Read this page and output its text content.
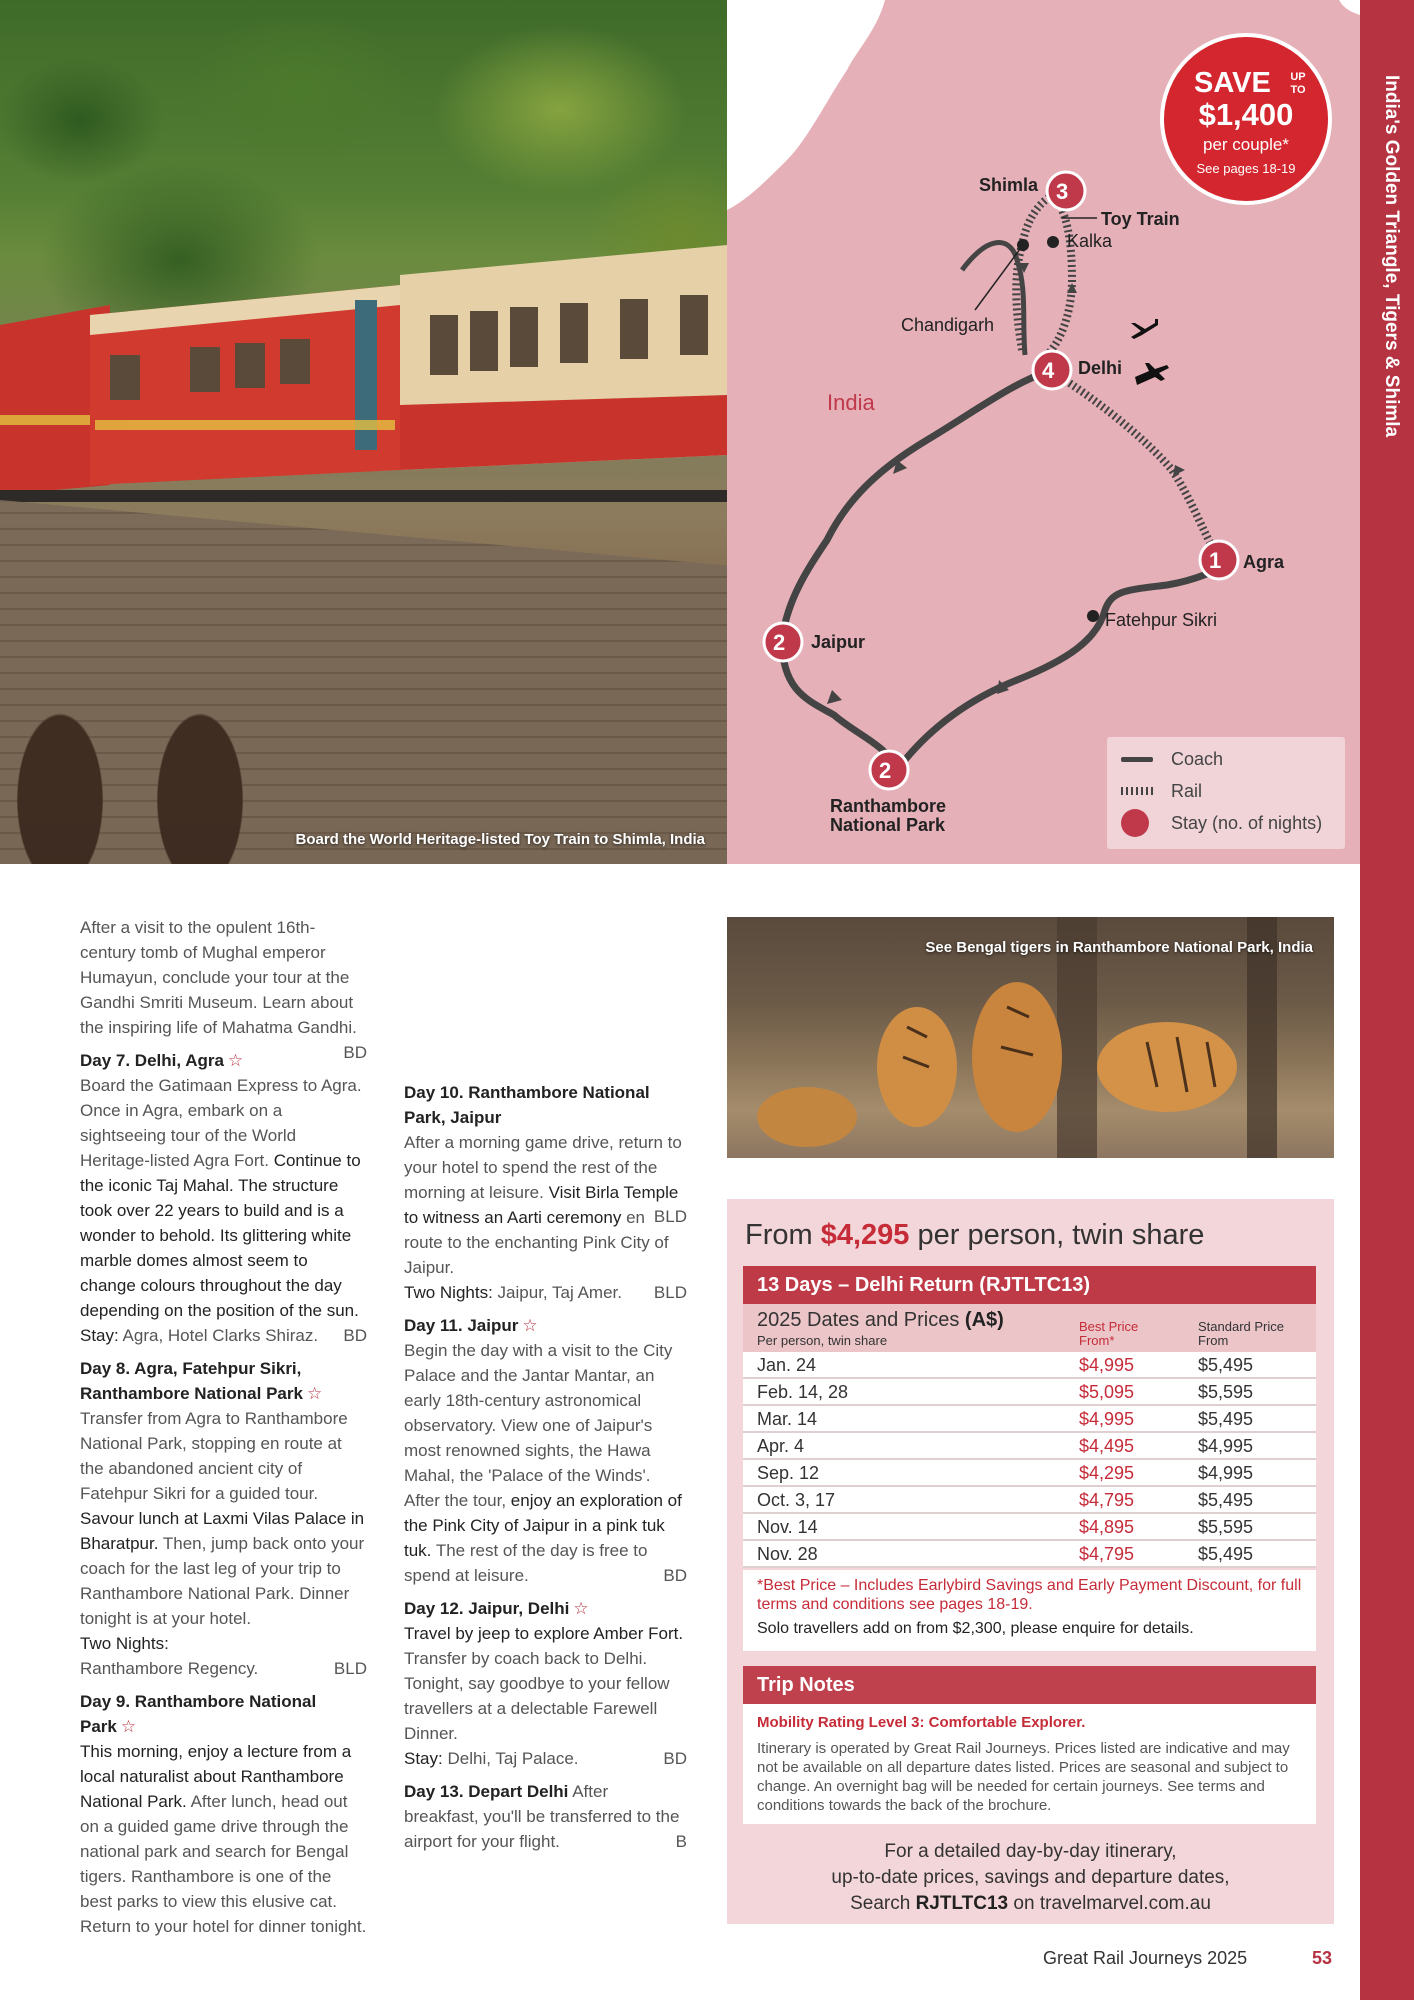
Board the World Heritage-listed Toy Train to Shimla, India
3
4
1
2
2
Shimla
Toy Train
Kalka
Chandigarh
Delhi
India
Agra
Fatehpur Sikri
Jaipur
Ranthambore
National Park
SAVE	UP TO
$1,400
per couple*
See pages 18-19
Coach
Rail
Stay (no. of nights)
India's Golden Triangle, Tigers & Shimla

After a visit to the opulent 16th-century tomb of Mughal emperor Humayun, conclude your tour at the Gandhi Smriti Museum. Learn about the inspiring life of Mahatma Gandhi.
BD

Day 7. Delhi, Agra ☆
Board the Gatimaan Express to Agra. Once in Agra, embark on a sightseeing tour of the World Heritage-listed Agra Fort. Continue to the iconic Taj Mahal. The structure took over 22 years to build and is a wonder to behold. Its glittering white marble domes almost seem to change colours throughout the day depending on the position of the sun.
Stay: Agra, Hotel Clarks Shiraz. BD

Day 8. Agra, Fatehpur Sikri, Ranthambore National Park ☆
Transfer from Agra to Ranthambore National Park, stopping en route at the abandoned ancient city of Fatehpur Sikri for a guided tour. Savour lunch at Laxmi Vilas Palace in Bharatpur. Then, jump back onto your coach for the last leg of your trip to Ranthambore National Park. Dinner tonight is at your hotel.
Two Nights:
Ranthambore Regency.	BLD

Day 9. Ranthambore National Park ☆
This morning, enjoy a lecture from a local naturalist about Ranthambore National Park. After lunch, head out on a guided game drive through the national park and search for Bengal tigers. Ranthambore is one of the best parks to view this elusive cat. Return to your hotel for dinner tonight.

BLD

Day 10. Ranthambore National Park, Jaipur
After a morning game drive, return to your hotel to spend the rest of the morning at leisure. Visit Birla Temple to witness an Aarti ceremony en route to the enchanting Pink City of Jaipur.
Two Nights: Jaipur, Taj Amer. BLD

Day 11. Jaipur ☆
Begin the day with a visit to the City Palace and the Jantar Mantar, an early 18th-century astronomical observatory. View one of Jaipur's most renowned sights, the Hawa Mahal, the 'Palace of the Winds'. After the tour, enjoy an exploration of the Pink City of Jaipur in a pink tuk tuk. The rest of the day is free to spend at leisure.	BD

Day 12. Jaipur, Delhi ☆
Travel by jeep to explore Amber Fort. Transfer by coach back to Delhi. Tonight, say goodbye to your fellow travellers at a delectable Farewell Dinner.
Stay: Delhi, Taj Palace.	BD

Day 13. Depart Delhi After breakfast, you'll be transferred to the airport for your flight.	B

See Bengal tigers in Ranthambore National Park, India
From $4,295 per person, twin share
13 Days – Delhi Return (RJTLTC13)
2025 Dates and Prices (A$)
Per person, twin share
Best Price
From*
Standard Price
From
Jan. 24	$4,995	$5,495
Feb. 14, 28	$5,095	$5,595
Mar. 14	$4,995	$5,495
Apr. 4	$4,495	$4,995
Sep. 12	$4,295	$4,995
Oct. 3, 17	$4,795	$5,495
Nov. 14	$4,895	$5,595
Nov. 28	$4,795	$5,495
*Best Price – Includes Earlybird Savings and Early Payment Discount, for full terms and conditions see pages 18-19.
Solo travellers add on from $2,300, please enquire for details.
Trip Notes
Mobility Rating Level 3: Comfortable Explorer.
Itinerary is operated by Great Rail Journeys. Prices listed are indicative and may not be available on all departure dates listed. Prices are seasonal and subject to change. An overnight bag will be needed for certain journeys. See terms and conditions towards the back of the brochure.
For a detailed day-by-day itinerary,
up-to-date prices, savings and departure dates,
Search RJTLTC13 on travelmarvel.com.au
Great Rail Journeys 2025	53
